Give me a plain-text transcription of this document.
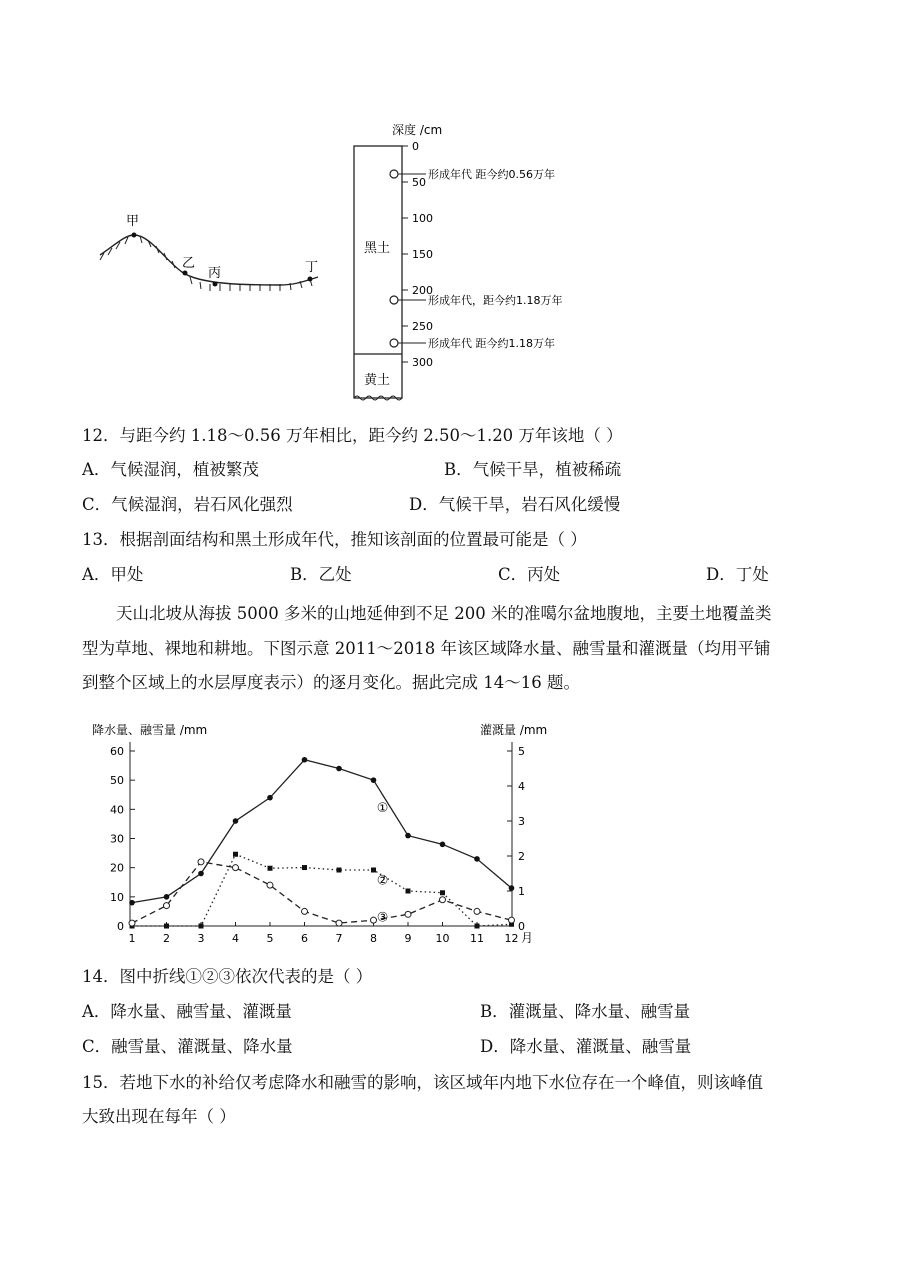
甲
乙
丙	丁
深度 /cm
0
50
100
150
200
250
300
黑土
黄土
形成年代 距今约0.56万年
形成年代，距今约1.18万年
形成年代 距今约1.18万年
12．与距今约 1.18～0.56 万年相比，距今约 2.50～1.20 万年该地（ ）
A．气候湿润，植被繁茂	B．气候干旱，植被稀疏
C．气候湿润，岩石风化强烈	D．气候干旱，岩石风化缓慢
13．根据剖面结构和黑土形成年代，推知该剖面的位置最可能是（ ）
A．甲处	B．乙处	C．丙处	D．丁处
天山北坡从海拔 5000 多米的山地延伸到不足 200 米的准噶尔盆地腹地，主要土地覆盖类
型为草地、裸地和耕地。下图示意 2011～2018 年该区域降水量、融雪量和灌溉量（均用平铺
到整个区域上的水层厚度表示）的逐月变化。据此完成 14～16 题。
降水量、融雪量 /mm	灌溉量 /mm
月
0
10
20
30
40
50
60
0
1
2
3
4
5
1	2	3	4	5	6	7	8	9 10 11 12
①
②
③
14．图中折线①②③依次代表的是（ ）
A．降水量、融雪量、灌溉量	B．灌溉量、降水量、融雪量
C．融雪量、灌溉量、降水量	D．降水量、灌溉量、融雪量
15．若地下水的补给仅考虑降水和融雪的影响，该区域年内地下水位存在一个峰值，则该峰值
大致出现在每年（ ）
